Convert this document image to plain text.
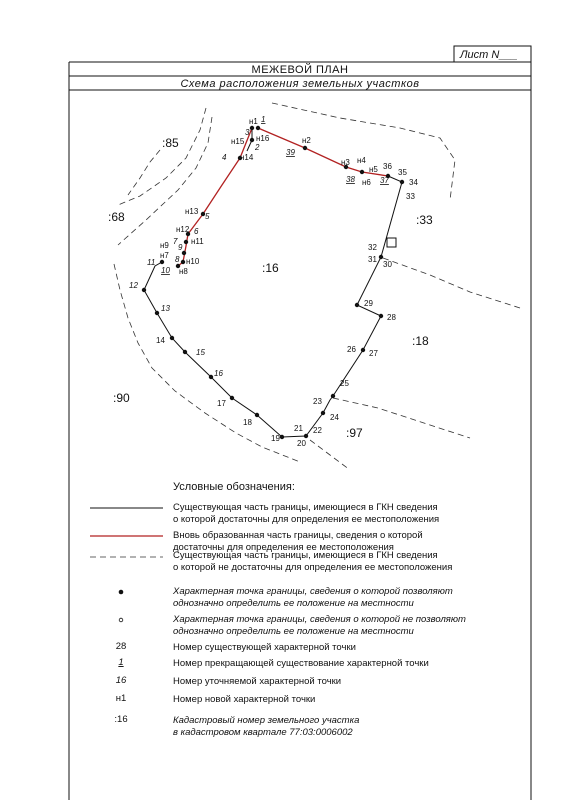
Лист N___
МЕЖЕВОЙ ПЛАН
Схема расположения земельных участков
:85
:68
:16
:33
:18
:90
:97
н1 1
3
н15 н16
2
н2
39
4 н14
н3 н4
36
н5
38 н6 37
35
34
33
н13
5
н12 6
7 н11
н9 9
н7 8 н10
11
10 н8
32
31
30
12
29
28
13
14
15	26 27
16
25
17	23
24
18
21 22
19
20
Условные обозначения:
Существующая часть границы, имеющиеся в ГКН сведения
о которой достаточны для определения ее местоположения
Вновь образованная часть границы, сведения о которой
достаточны для определения ее местоположения
Существующая часть границы, имеющиеся в ГКН сведения
о которой не достаточны для определения ее местоположения
Характерная точка границы, сведения о которой позволяют
однозначно определить ее положение на местности
Характерная точка границы, сведения о которой не позволяют
однозначно определить ее положение на местности
28	Номер существующей характерной точки
1	Номер прекращающей существование характерной точки
16	Номер уточняемой характерной точки
н1	Номер новой характерной точки
:16	Кадастровый номер земельного участка
в кадастровом квартале 77:03:0006002
